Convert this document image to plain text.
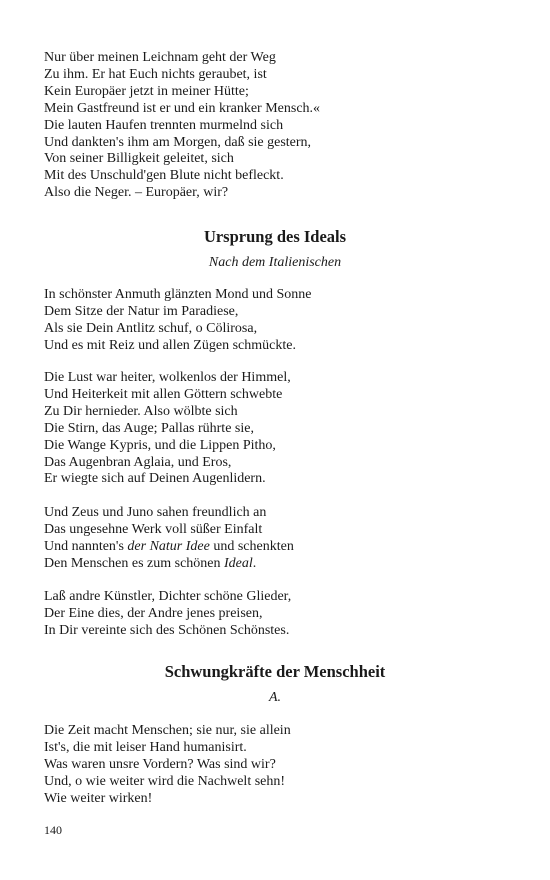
Nur über meinen Leichnam geht der Weg
Zu ihm. Er hat Euch nichts geraubet, ist
Kein Europäer jetzt in meiner Hütte;
Mein Gastfreund ist er und ein kranker Mensch.«
Die lauten Haufen trennten murmelnd sich
Und dankten's ihm am Morgen, daß sie gestern,
Von seiner Billigkeit geleitet, sich
Mit des Unschuld'gen Blute nicht befleckt.
Also die Neger. – Europäer, wir?
Ursprung des Ideals
Nach dem Italienischen
In schönster Anmuth glänzten Mond und Sonne
Dem Sitze der Natur im Paradiese,
Als sie Dein Antlitz schuf, o Cölirosa,
Und es mit Reiz und allen Zügen schmückte.
Die Lust war heiter, wolkenlos der Himmel,
Und Heiterkeit mit allen Göttern schwebte
Zu Dir hernieder. Also wölbte sich
Die Stirn, das Auge; Pallas rührte sie,
Die Wange Kypris, und die Lippen Pitho,
Das Augenbran Aglaia, und Eros,
Er wiegte sich auf Deinen Augenlidern.
Und Zeus und Juno sahen freundlich an
Das ungesehne Werk voll süßer Einfalt
Und nannten's der Natur Idee und schenkten
Den Menschen es zum schönen Ideal.
Laß andre Künstler, Dichter schöne Glieder,
Der Eine dies, der Andre jenes preisen,
In Dir vereinte sich des Schönen Schönstes.
Schwungkräfte der Menschheit
A.
Die Zeit macht Menschen; sie nur, sie allein
Ist's, die mit leiser Hand humanisirt.
Was waren unsre Vordern? Was sind wir?
Und, o wie weiter wird die Nachwelt sehn!
Wie weiter wirken!
140
